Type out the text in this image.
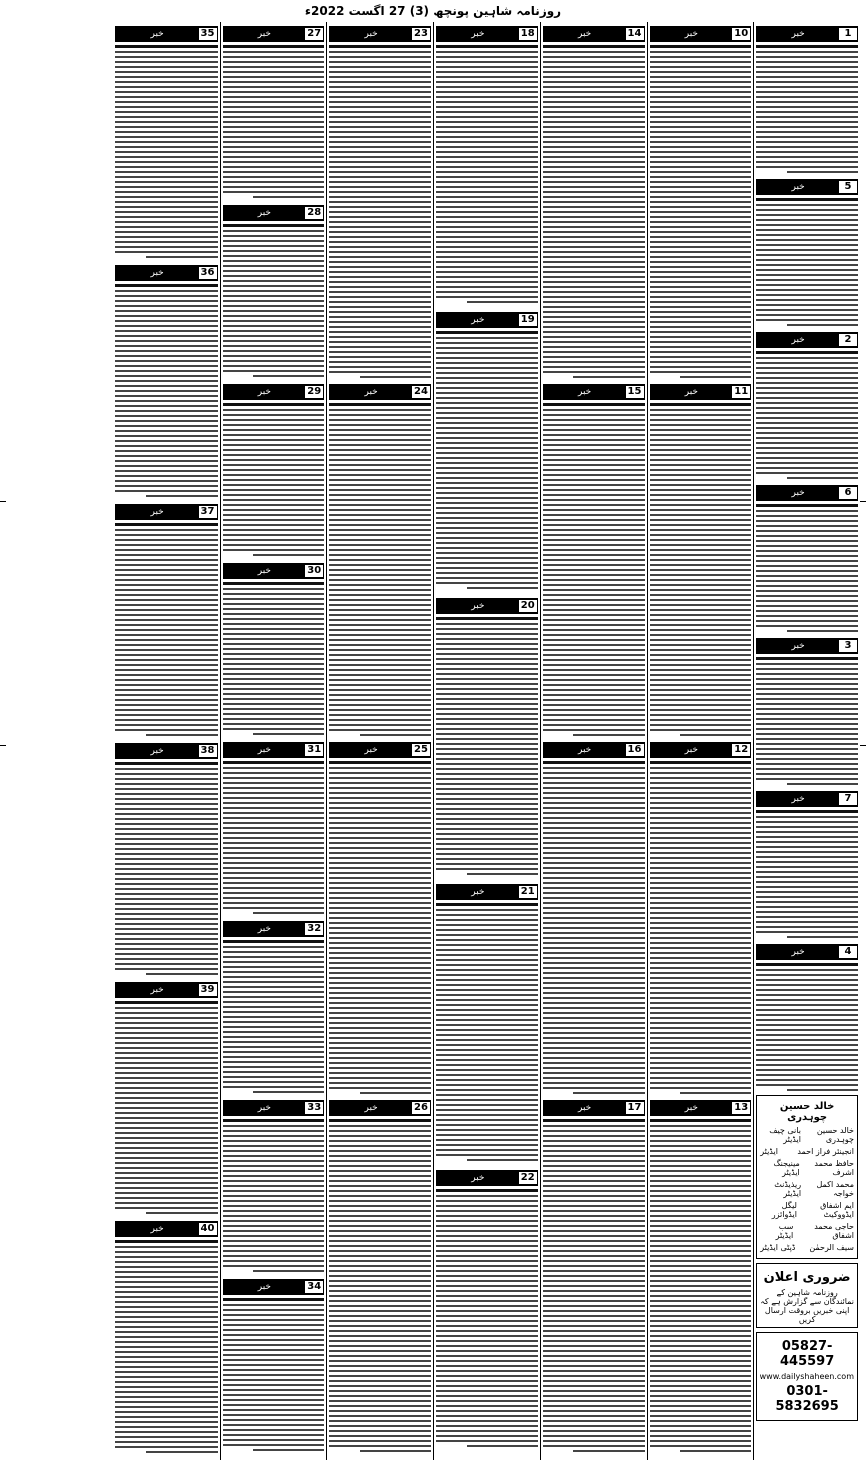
روزنامہ شاہین پونچھ (3) 27 اگست 2022ء
1
خبر
5
خبر
2
خبر
6
خبر
3
خبر
7
خبر
4
خبر
خالد حسین چوہدری
بانی چیف ایڈیٹر
خالد حسین چوہدری
ایڈیٹر انجینئر فراز احمد
مینیجنگ ایڈیٹر
حافظ محمد اشرف
ریذیڈنٹ ایڈیٹر
محمد اکمل خواجہ
لیگل ایڈوائزر
ایم اشفاق ایڈووکیٹ
سب ایڈیٹر
حاجی محمد اشفاق
ڈپٹی ایڈیٹر سیف الرحمٰن
ضروری اعلان
روزنامہ شاہین کے نمائندگان سے گزارش ہے کہ اپنی خبریں بروقت ارسال کریں
05827-445597
www.dailyshaheen.com
0301-5832695
10
خبر
11
خبر
12
خبر
13
خبر
14
خبر
15
خبر
16
خبر
17
خبر
18
خبر
19
خبر
20
خبر
21
خبر
22
خبر
23
خبر
24
خبر
25
خبر
26
خبر
27
خبر
28
خبر
29
خبر
30
خبر
31
خبر
32
خبر
33
خبر
34
خبر
35
خبر
36
خبر
37
خبر
38
خبر
39
خبر
40
خبر
